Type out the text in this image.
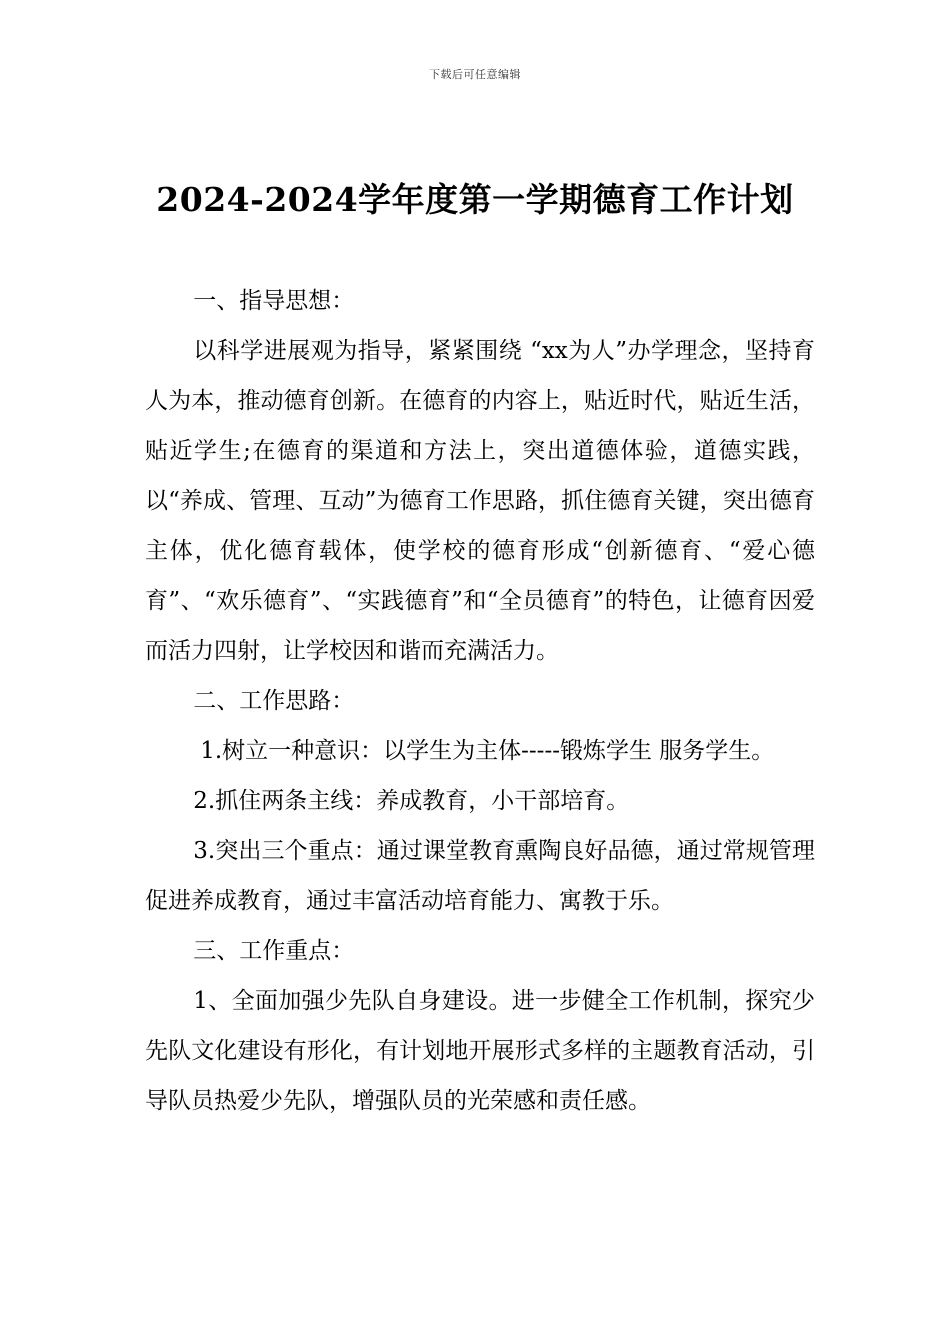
下载后可任意编辑
2024-2024学年度第一学期德育工作计划

一、指导思想：

以科学进展观为指导，紧紧围绕 “xx为人”办学理念，坚持育人为本，推动德育创新。在德育的内容上，贴近时代，贴近生活，贴近学生;在德育的渠道和方法上，突出道德体验，道德实践，以“养成、管理、互动”为德育工作思路，抓住德育关键，突出德育主体，优化德育载体，使学校的德育形成“创新德育、“爱心德育”、“欢乐德育”、“实践德育”和“全员德育”的特色，让德育因爱而活力四射，让学校因和谐而充满活力。

二、工作思路：

1.树立一种意识：以学生为主体-----锻炼学生 服务学生。

2.抓住两条主线：养成教育，小干部培育。

3.突出三个重点：通过课堂教育熏陶良好品德，通过常规管理促进养成教育，通过丰富活动培育能力、寓教于乐。

三、工作重点：

1、全面加强少先队自身建设。进一步健全工作机制，探究少先队文化建设有形化，有计划地开展形式多样的主题教育活动，引导队员热爱少先队，增强队员的光荣感和责任感。
